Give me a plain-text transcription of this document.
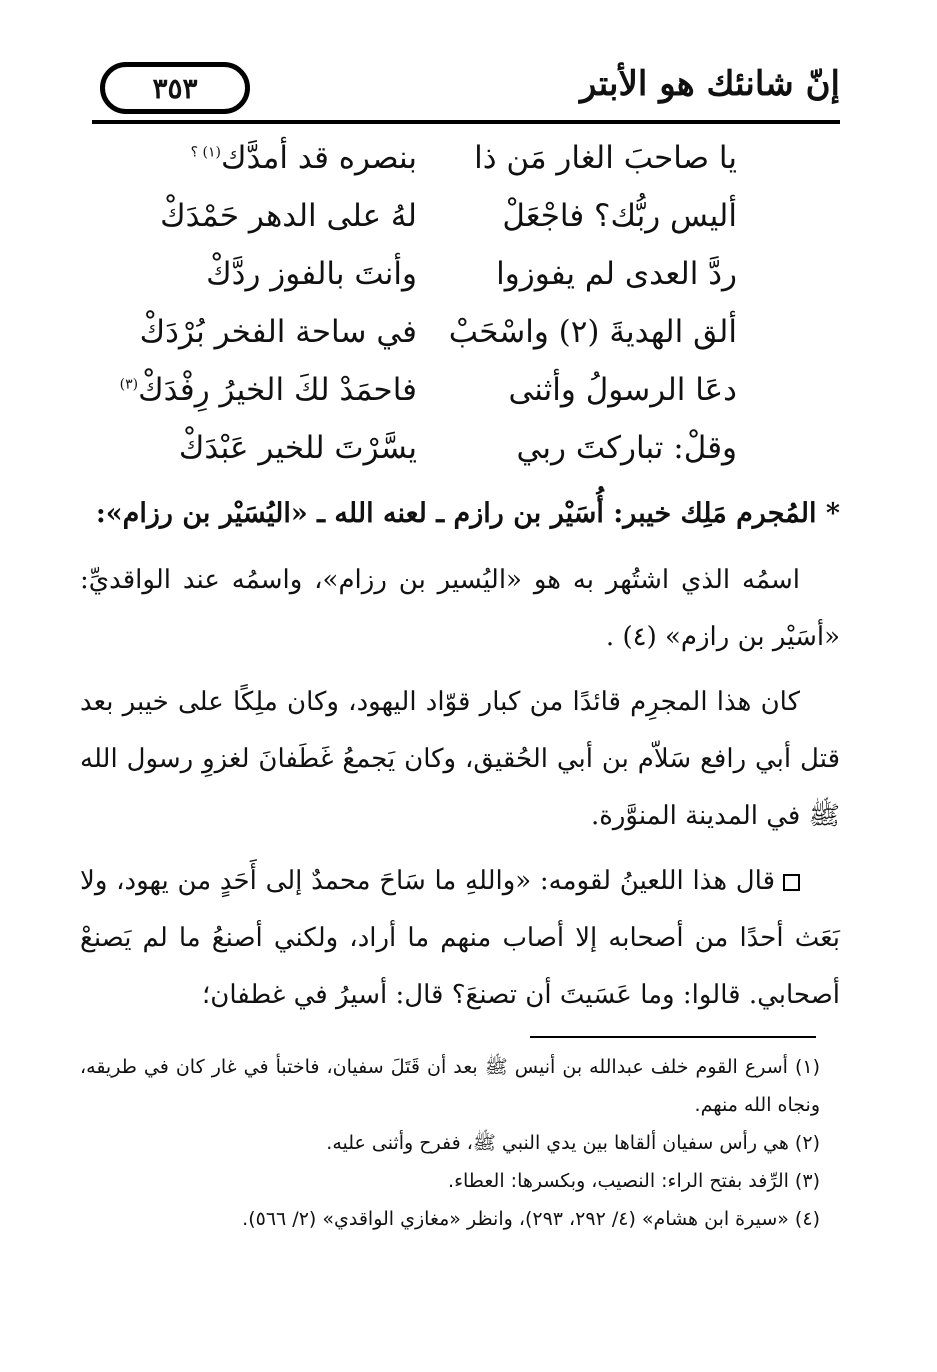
٣٥٣	إنّ شانئك هو الأبتر
يا صاحبَ الغار مَن ذا
بنصره قد أمدَّك$^{(١) ؟}$
أليس ربُّك؟ فاجْعَلْ
لهُ على الدهر حَمْدَكْ
ردَّ العدى لم يفوزوا
وأنتَ بالفوز ردَّكْ
ألق الهديةَ (٢) واسْحَبْ
في ساحة الفخر بُرْدَكْ
دعَا الرسولُ وأثنى
فاحمَدْ لكَ الخيرُ رِفْدَكْ$^{(٣)}$
وقلْ: تباركتَ ربي
يسَّرْتَ للخير عَبْدَكْ

* المُجرم مَلِك خيبر: أُسَيْر بن رازم ـ لعنه الله ـ «اليُسَيْر بن رزام»:

اسمُه الذي اشتُهر به هو «اليُسير بن رزام»، واسمُه عند الواقديِّ: «أسَيْر بن رازم» (٤) .

كان هذا المجرِم قائدًا من كبار قوّاد اليهود، وكان ملِكًا على خيبر بعد قتل أبي رافع سَلاّم بن أبي الحُقيق، وكان يَجمعُ غَطَفانَ لغزوِ رسول الله ﷺ في المدينة المنوَّرة.

قال هذا اللعينُ لقومه: «واللهِ ما سَاحَ محمدٌ إلى أَحَدٍ من يهود، ولا بَعَث أحدًا من أصحابه إلا أصاب منهم ما أراد، ولكني أصنعُ ما لم يَصنعْ أصحابي. قالوا: وما عَسَيتَ أن تصنعَ؟ قال: أسيرُ في غطفان؛

(١) أسرع القوم خلف عبدالله بن أنيس ﷺ بعد أن قَتَلَ سفيان، فاختبأ في غار كان في طريقه، ونجاه الله منهم.

(٢) هي رأس سفيان ألقاها بين يدي النبي ﷺ، ففرح وأثنى عليه.

(٣) الرِّفد بفتح الراء: النصيب، وبكسرها: العطاء.

(٤) «سيرة ابن هشام» (٤/ ٢٩٢، ٢٩٣)، وانظر «مغازي الواقدي» (٢/ ٥٦٦).
